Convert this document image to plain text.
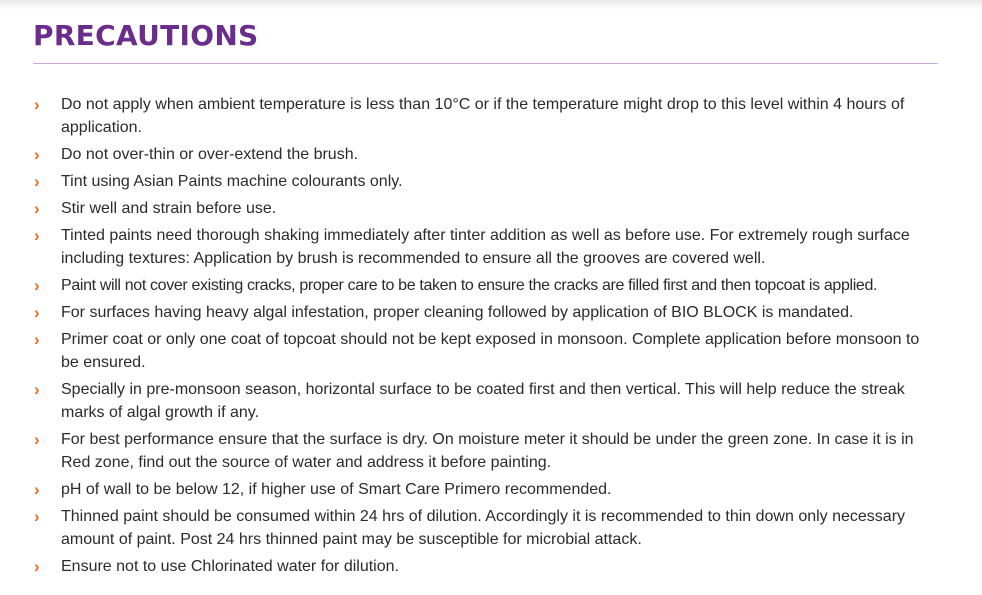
PRECAUTIONS
› Do not apply when ambient temperature is less than 10°C or if the temperature might drop to this level within 4 hours of application.
› Do not over-thin or over-extend the brush.
› Tint using Asian Paints machine colourants only.
› Stir well and strain before use.
› Tinted paints need thorough shaking immediately after tinter addition as well as before use. For extremely rough surface including textures: Application by brush is recommended to ensure all the grooves are covered well.
› Paint will not cover existing cracks, proper care to be taken to ensure the cracks are filled first and then topcoat is applied.
› For surfaces having heavy algal infestation, proper cleaning followed by application of BIO BLOCK is mandated.
› Primer coat or only one coat of topcoat should not be kept exposed in monsoon. Complete application before monsoon to be ensured.
› Specially in pre-monsoon season, horizontal surface to be coated first and then vertical. This will help reduce the streak marks of algal growth if any.
› For best performance ensure that the surface is dry. On moisture meter it should be under the green zone. In case it is in Red zone, find out the source of water and address it before painting.
› pH of wall to be below 12, if higher use of Smart Care Primero recommended.
› Thinned paint should be consumed within 24 hrs of dilution. Accordingly it is recommended to thin down only necessary amount of paint. Post 24 hrs thinned paint may be susceptible for microbial attack.
› Ensure not to use Chlorinated water for dilution.
